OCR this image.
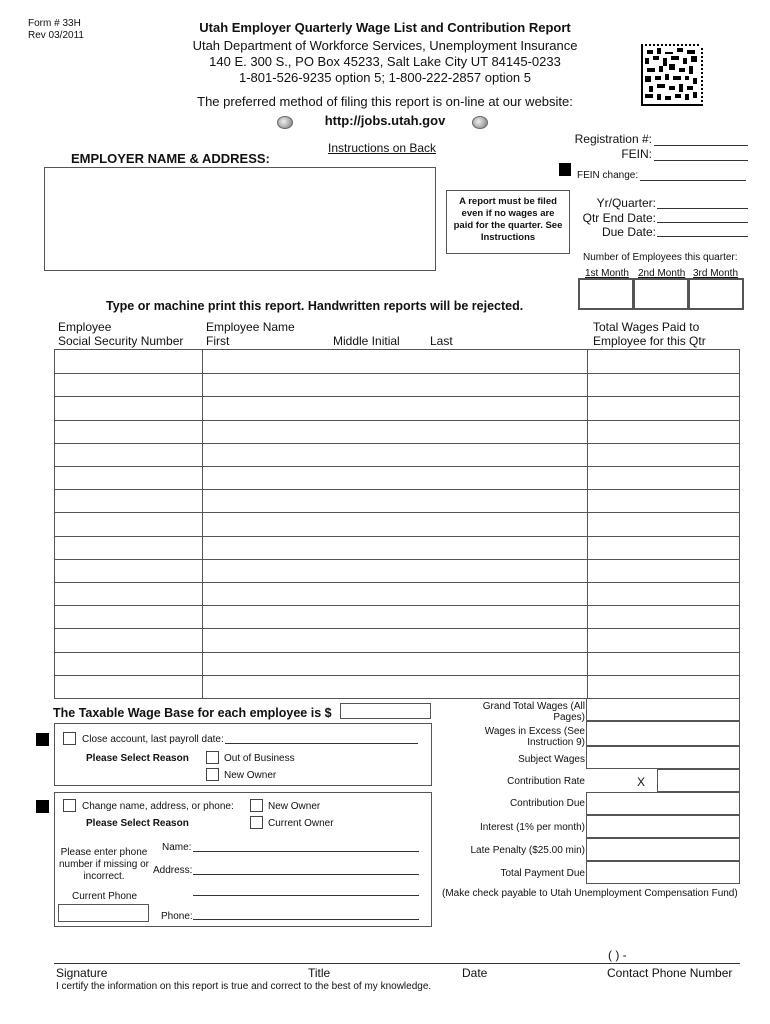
Form # 33H
Rev 03/2011
Utah Employer Quarterly Wage List and Contribution Report
Utah Department of Workforce Services, Unemployment Insurance
140 E. 300 S., PO Box 45233, Salt Lake City UT 84145-0233
1-801-526-9235 option 5; 1-800-222-2857 option 5
The preferred method of filing this report is on-line at our website:
http://jobs.utah.gov
Registration #:
FEIN:
Instructions on Back
FEIN change:
EMPLOYER NAME & ADDRESS:
A report must be filed even if no wages are paid for the quarter. See Instructions
Yr/Quarter:
Qtr End Date:
Due Date:
Number of Employees this quarter:
1st Month 2nd Month 3rd Month
Type or machine print this report. Handwritten reports will be rejected.
Employee
Social Security Number
Employee Name
First	Middle Initial	Last
Total Wages Paid to
Employee for this Qtr
The Taxable Wage Base for each employee is $
Close account, last payroll date:
Please Select Reason	Out of Business
New Owner
Change name, address, or phone:	New Owner
Please Select Reason	Current Owner
Please enter phone number if missing or incorrect.
Name:
Address:
Current Phone
Phone:
Grand Total Wages (All Pages)
Wages in Excess (See Instruction 9)
Subject Wages
Contribution Rate	X
Contribution Due
Interest (1% per month)
Late Penalty ($25.00 min)
Total Payment Due
(Make check payable to Utah Unemployment Compensation Fund)
( ) -
Signature	Title	Date	Contact Phone Number
I certify the information on this report is true and correct to the best of my knowledge.
